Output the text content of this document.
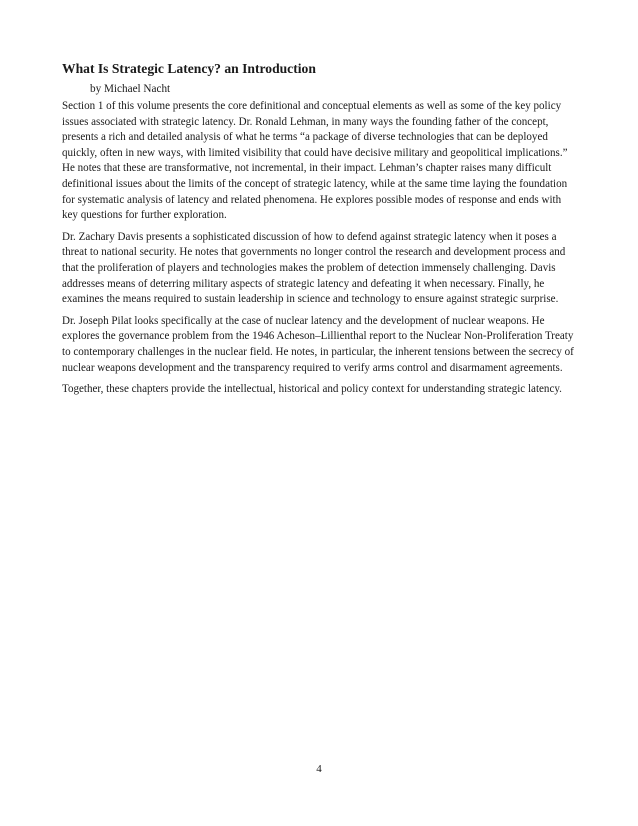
What Is Strategic Latency? an Introduction
by Michael Nacht

Section 1 of this volume presents the core definitional and conceptual elements as well as some of the key policy issues associated with strategic latency. Dr. Ronald Lehman, in many ways the founding father of the concept, presents a rich and detailed analysis of what he terms “a package of diverse technologies that can be deployed quickly, often in new ways, with limited visibility that could have decisive military and geopolitical implications.” He notes that these are transformative, not incremental, in their impact. Lehman’s chapter raises many difficult definitional issues about the limits of the concept of strategic latency, while at the same time laying the foundation for systematic analysis of latency and related phenomena. He explores possible modes of response and ends with key questions for further exploration.

Dr. Zachary Davis presents a sophisticated discussion of how to defend against strategic latency when it poses a threat to national security. He notes that governments no longer control the research and development process and that the proliferation of players and technologies makes the problem of detection immensely challenging. Davis addresses means of deterring military aspects of strategic latency and defeating it when necessary. Finally, he examines the means required to sustain leadership in science and technology to ensure against strategic surprise.

Dr. Joseph Pilat looks specifically at the case of nuclear latency and the development of nuclear weapons. He explores the governance problem from the 1946 Acheson–Lillienthal report to the Nuclear Non-Proliferation Treaty to contemporary challenges in the nuclear field. He notes, in particular, the inherent tensions between the secrecy of nuclear weapons development and the transparency required to verify arms control and disarmament agreements.

Together, these chapters provide the intellectual, historical and policy context for understanding strategic latency.

4
